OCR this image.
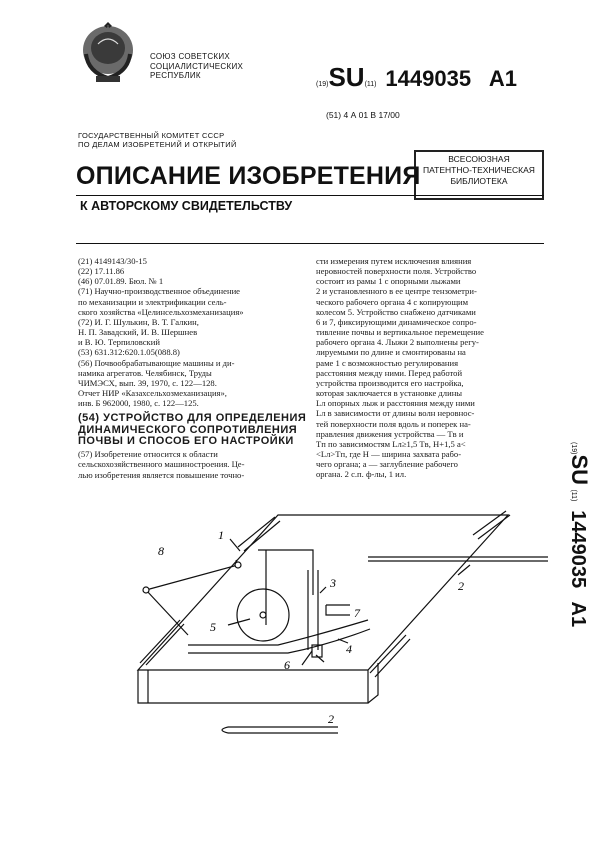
СОЮЗ СОВЕТСКИХ
СОЦИАЛИСТИЧЕСКИХ
РЕСПУБЛИК
(19)SU(11) 1449035 A1
(51) 4 А 01 В 17/00
ГОСУДАРСТВЕННЫЙ КОМИТЕТ СССР
ПО ДЕЛАМ ИЗОБРЕТЕНИЙ И ОТКРЫТИЙ
ВСЕСОЮЗНАЯ
ПАТЕНТНО-ТЕХНИЧЕСКАЯ
БИБЛИОТЕКА
ОПИСАНИЕ ИЗОБРЕТЕНИЯ
К АВТОРСКОМУ СВИДЕТЕЛЬСТВУ
(21) 4149143/30-15
(22) 17.11.86
(46) 07.01.89. Бюл. № 1
(71) Научно-производственное объединение
по механизации и электрификации сель-
ского хозяйства «Целинсельхозмеханизация»
(72) И. Г. Шулькин, В. Т. Галкин,
Н. П. Завадский, И. В. Шершнев
и В. Ю. Терпиловский
(53) 631.312:620.1.05(088.8)
(56) Почвообрабатывающие машины и ди-
намика агрегатов. Челябинск, Труды
ЧИМЭСХ, вып. 39, 1970, с. 122—128.
Отчет НИР «Казахсельхозмеханизация»,
инв. Б 962000, 1980, с. 122—125.
(54) УСТРОЙСТВО ДЛЯ ОПРЕДЕЛЕНИЯ
ДИНАМИЧЕСКОГО СОПРОТИВЛЕНИЯ
ПОЧВЫ И СПОСОБ ЕГО НАСТРОЙКИ
(57) Изобретение относится к области
сельскохозяйственного машиностроения. Це-
лью изобретения является повышение точно-
сти измерения путем исключения влияния
неровностей поверхности поля. Устройство
состоит из рамы 1 с опорными лыжами
2 и установленного в ее центре тензометри-
ческого рабочего органа 4 с копирующим
колесом 5. Устройство снабжено датчиками
6 и 7, фиксирующими динамическое сопро-
тивление почвы и вертикальное перемещение
рабочего органа 4. Лыжи 2 выполнены регу-
лируемыми по длине и смонтированы на
раме 1 с возможностью регулирования
расстояния между ними. Перед работой
устройства производится его настройка,
которая заключается в установке длины
Lл опорных лыж и расстояния между ними
Lл в зависимости от длины волн неровнос-
тей поверхности поля вдоль и поперек на-
правления движения устройства — Tв и
Tп по зависимостям Lл≥1,5 Tв, H+1,5 а<
<Lл>Tп, где H — ширина захвата рабо-
чего органа; а — заглубление рабочего
органа. 2 с.п. ф-лы, 1 ил.
(19)SU (11)  1449035   A1
1
2
3
4
5
6
7
8
2
